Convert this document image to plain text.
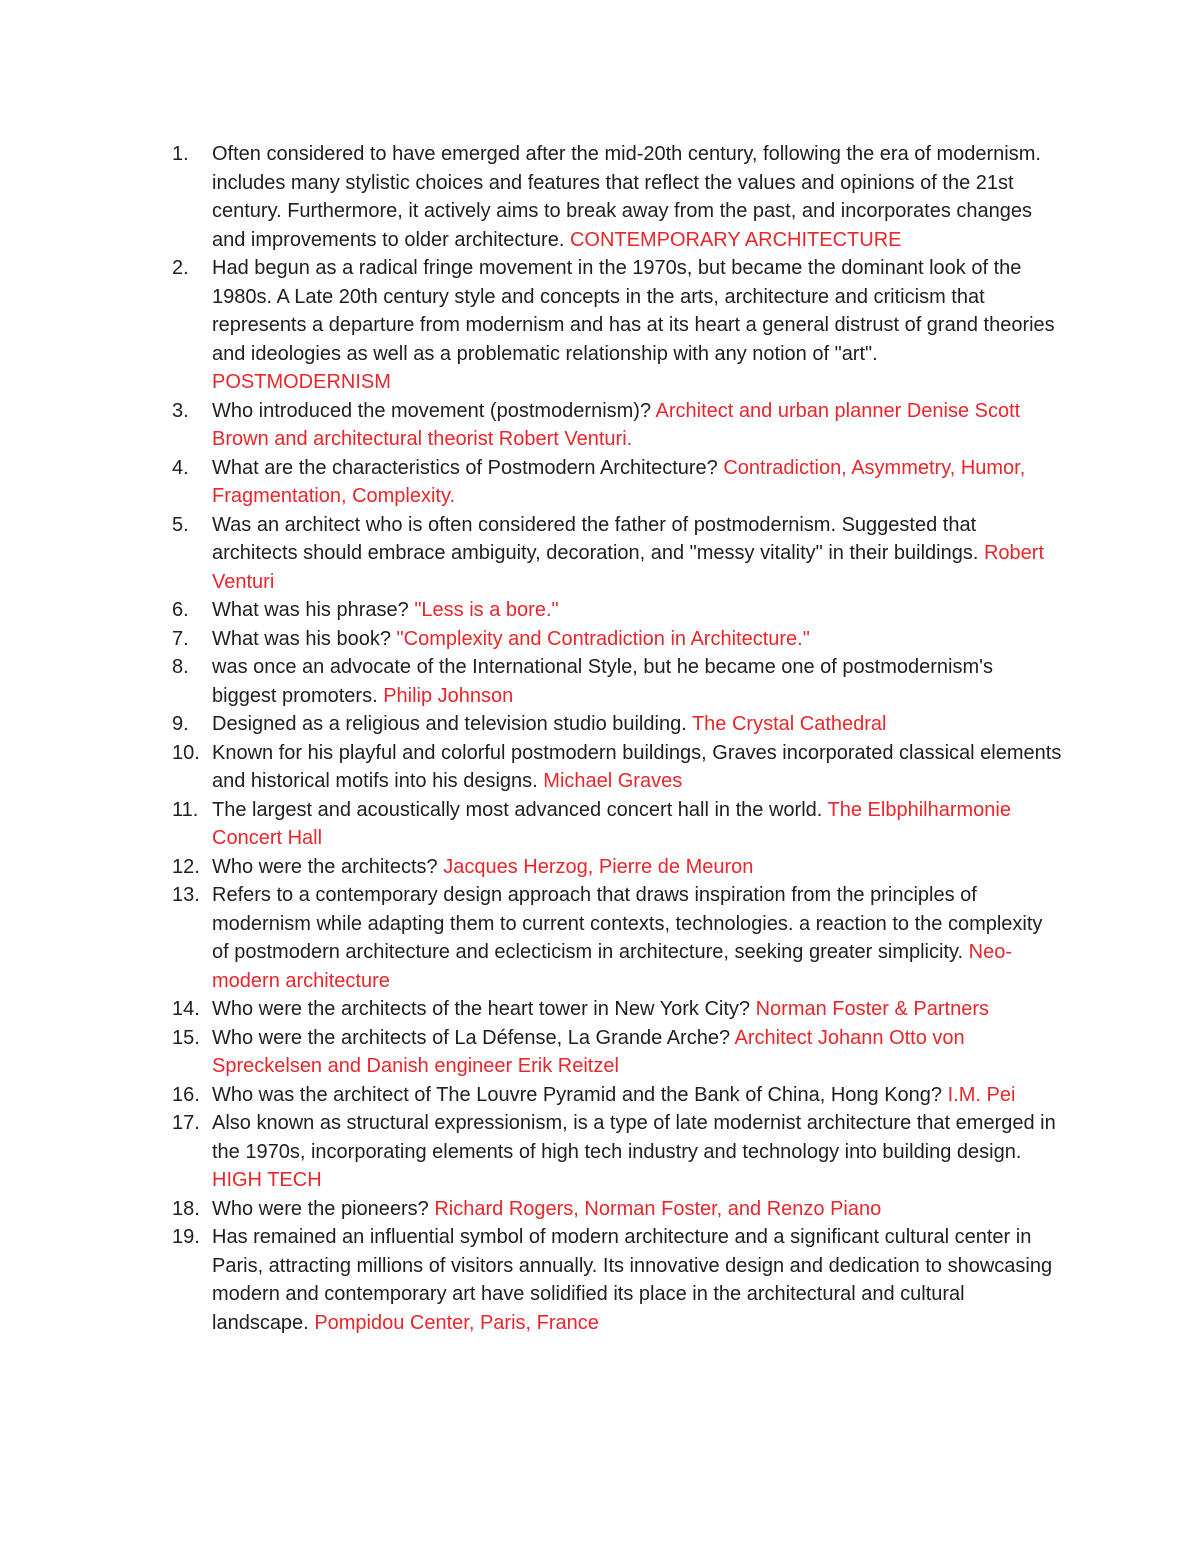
1.	Often considered to have emerged after the mid-20th century, following the era of modernism. includes many stylistic choices and features that reflect the values and opinions of the 21st century. Furthermore, it actively aims to break away from the past, and incorporates changes and improvements to older architecture. CONTEMPORARY ARCHITECTURE
2.	Had begun as a radical fringe movement in the 1970s, but became the dominant look of the 1980s. A Late 20th century style and concepts in the arts, architecture and criticism that represents a departure from modernism and has at its heart a general distrust of grand theories and ideologies as well as a problematic relationship with any notion of "art". POSTMODERNISM
3.	Who introduced the movement (postmodernism)? Architect and urban planner Denise Scott Brown and architectural theorist Robert Venturi.
4.	What are the characteristics of Postmodern Architecture? Contradiction, Asymmetry, Humor, Fragmentation, Complexity.
5.	Was an architect who is often considered the father of postmodernism. Suggested that architects should embrace ambiguity, decoration, and "messy vitality" in their buildings. Robert Venturi
6.	What was his phrase? "Less is a bore."
7.	What was his book? "Complexity and Contradiction in Architecture."
8.	was once an advocate of the International Style, but he became one of postmodernism's biggest promoters. Philip Johnson
9.	Designed as a religious and television studio building. The Crystal Cathedral
10. Known for his playful and colorful postmodern buildings, Graves incorporated classical elements and historical motifs into his designs. Michael Graves
11. The largest and acoustically most advanced concert hall in the world. The Elbphilharmonie Concert Hall
12. Who were the architects? Jacques Herzog, Pierre de Meuron
13. Refers to a contemporary design approach that draws inspiration from the principles of modernism while adapting them to current contexts, technologies. a reaction to the complexity of postmodern architecture and eclecticism in architecture, seeking greater simplicity. Neo-modern architecture
14. Who were the architects of the heart tower in New York City? Norman Foster & Partners
15. Who were the architects of La Défense, La Grande Arche? Architect Johann Otto von Spreckelsen and Danish engineer Erik Reitzel
16. Who was the architect of The Louvre Pyramid and the Bank of China, Hong Kong? I.M. Pei
17. Also known as structural expressionism, is a type of late modernist architecture that emerged in the 1970s, incorporating elements of high tech industry and technology into building design. HIGH TECH
18. Who were the pioneers? Richard Rogers, Norman Foster, and Renzo Piano
19. Has remained an influential symbol of modern architecture and a significant cultural center in Paris, attracting millions of visitors annually. Its innovative design and dedication to showcasing modern and contemporary art have solidified its place in the architectural and cultural landscape. Pompidou Center, Paris, France
